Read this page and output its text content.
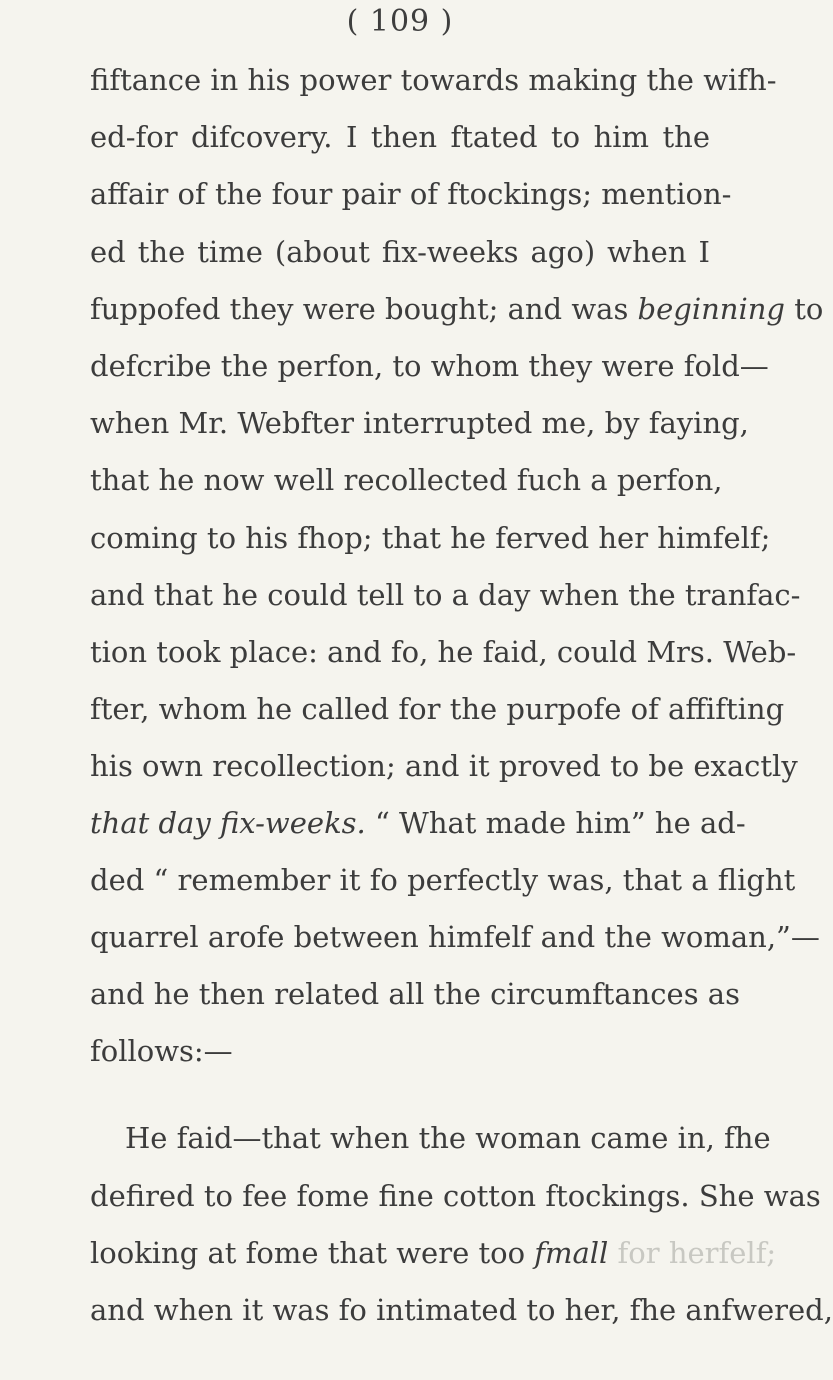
( 109 )
fiftance in his power towards making the wifh-
ed-for difcovery. I then ftated to him the
affair of the four pair of ftockings; mention-
ed the time (about fix-weeks ago) when I
fuppofed they were bought; and was beginning to
defcribe the perfon, to whom they were fold—
when Mr. Webfter interrupted me, by faying,
that he now well recollected fuch a perfon,
coming to his fhop; that he ferved her himfelf;
and that he could tell to a day when the tranfac-
tion took place: and fo, he faid, could Mrs. Web-
fter, whom he called for the purpofe of affifting
his own recollection; and it proved to be exactly
that day fix-weeks. “ What made him” he ad-
ded “ remember it fo perfectly was, that a flight
quarrel arofe between himfelf and the woman,”—
and he then related all the circumftances as
follows:—
He faid—that when the woman came in, fhe
defired to fee fome fine cotton ftockings. She was
looking at fome that were too fmall for herfelf;
and when it was fo intimated to her, fhe anfwered,
